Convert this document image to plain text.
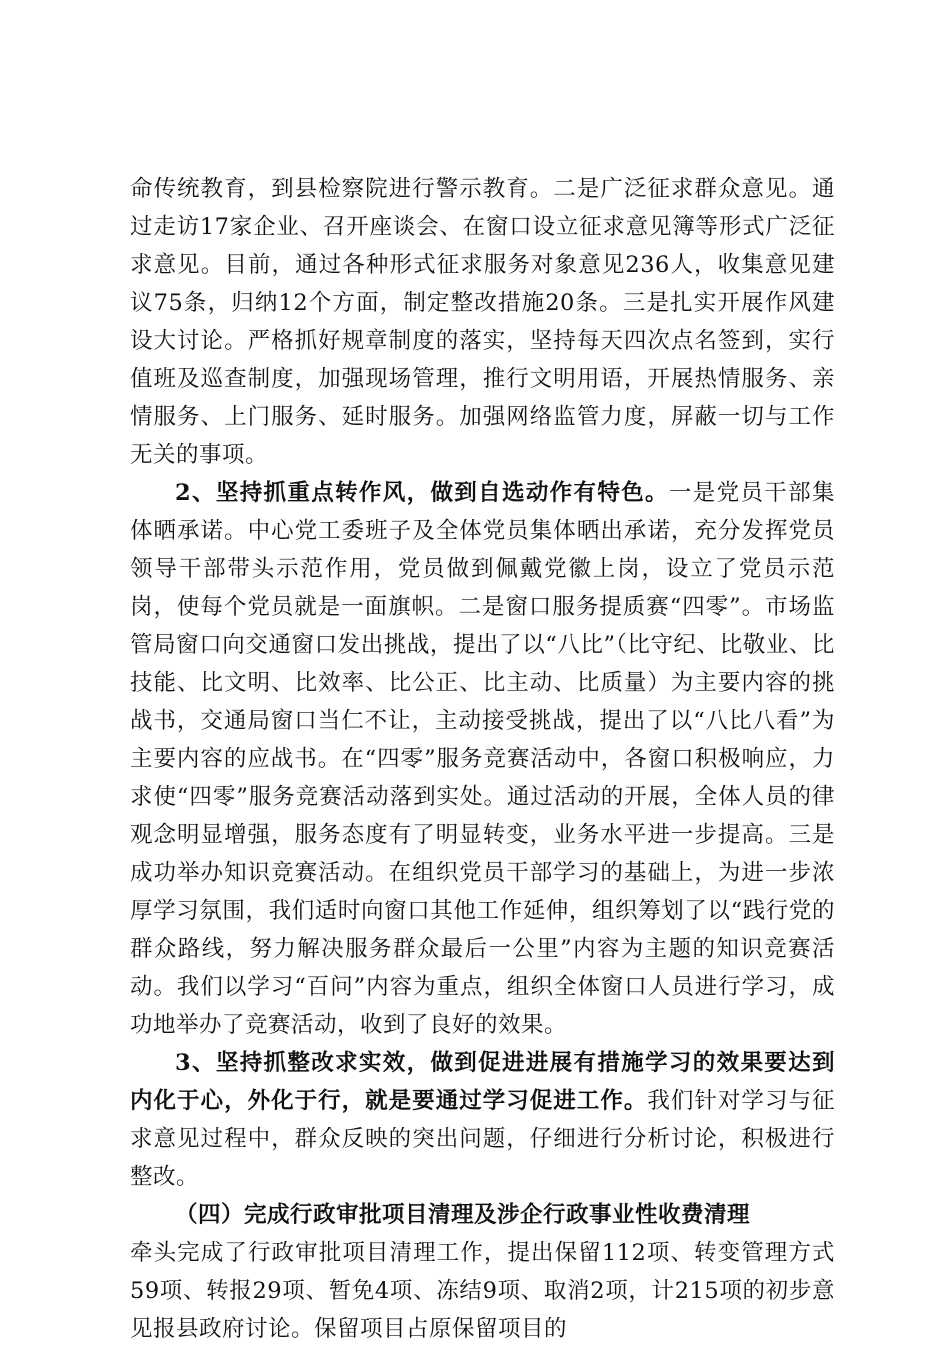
命传统教育，到县检察院进行警示教育。二是广泛征求群众意见。通过走访17家企业、召开座谈会、在窗口设立征求意见簿等形式广泛征求意见。目前，通过各种形式征求服务对象意见236人，收集意见建议75条，归纳12个方面，制定整改措施20条。三是扎实开展作风建设大讨论。严格抓好规章制度的落实，坚持每天四次点名签到，实行值班及巡查制度，加强现场管理，推行文明用语，开展热情服务、亲情服务、上门服务、延时服务。加强网络监管力度，屏蔽一切与工作无关的事项。

2、坚持抓重点转作风，做到自选动作有特色。一是党员干部集体晒承诺。中心党工委班子及全体党员集体晒出承诺，充分发挥党员领导干部带头示范作用，党员做到佩戴党徽上岗，设立了党员示范岗，使每个党员就是一面旗帜。二是窗口服务提质赛“四零”。市场监管局窗口向交通窗口发出挑战，提出了以“八比”（比守纪、比敬业、比技能、比文明、比效率、比公正、比主动、比质量）为主要内容的挑战书，交通局窗口当仁不让，主动接受挑战，提出了以“八比八看”为主要内容的应战书。在“四零”服务竞赛活动中，各窗口积极响应，力求使“四零”服务竞赛活动落到实处。通过活动的开展，全体人员的律观念明显增强，服务态度有了明显转变，业务水平进一步提高。三是成功举办知识竞赛活动。在组织党员干部学习的基础上，为进一步浓厚学习氛围，我们适时向窗口其他工作延伸，组织筹划了以“践行党的群众路线，努力解决服务群众最后一公里”内容为主题的知识竞赛活动。我们以学习“百问”内容为重点，组织全体窗口人员进行学习，成功地举办了竞赛活动，收到了良好的效果。

3、坚持抓整改求实效，做到促进进展有措施学习的效果要达到内化于心，外化于行，就是要通过学习促进工作。我们针对学习与征求意见过程中，群众反映的突出问题，仔细进行分析讨论，积极进行整改。

（四）完成行政审批项目清理及涉企行政事业性收费清理

牵头完成了行政审批项目清理工作，提出保留112项、转变管理方式59项、转报29项、暂免4项、冻结9项、取消2项，计215项的初步意见报县政府讨论。保留项目占原保留项目的
